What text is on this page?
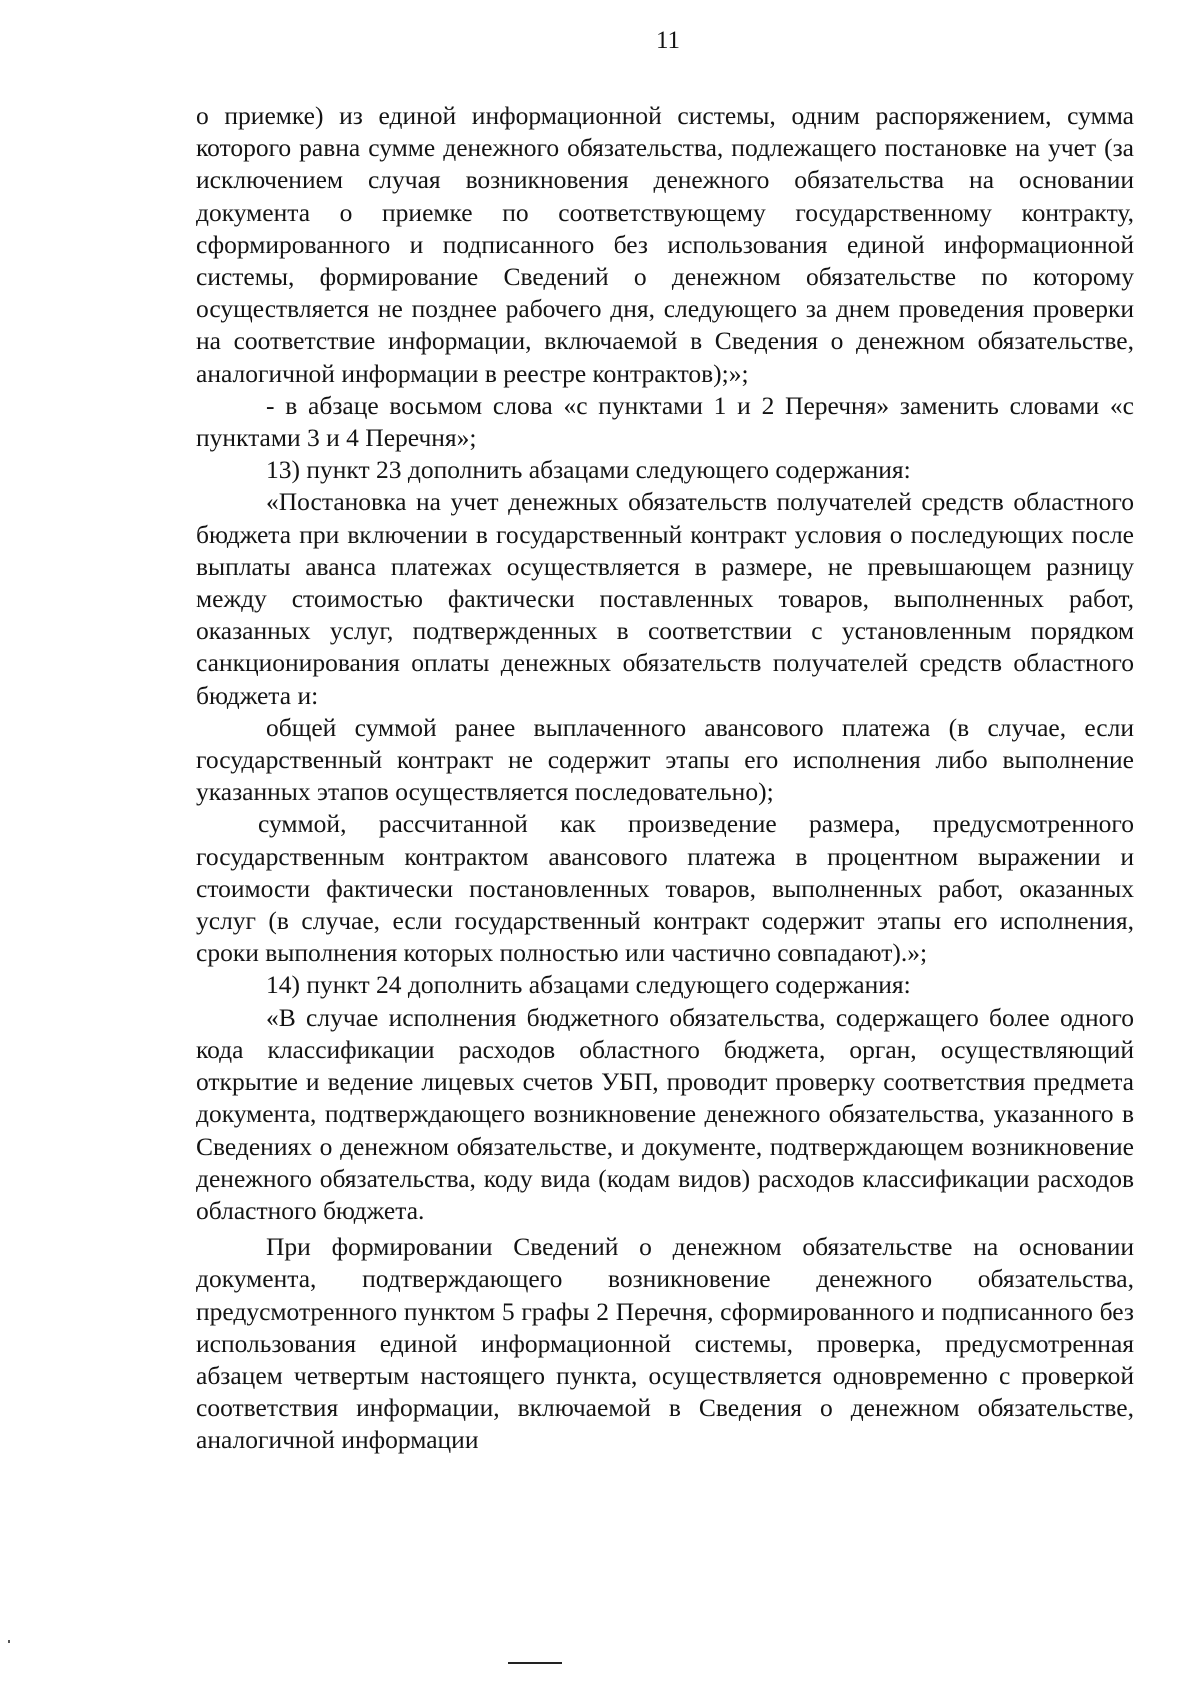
11

о приемке) из единой информационной системы, одним распоряжением, сумма которого равна сумме денежного обязательства, подлежащего постановке на учет (за исключением случая возникновения денежного обязательства на основании документа о приемке по соответствующему государственному контракту, сформированного и подписанного без использования единой информационной системы, формирование Сведений о денежном обязательстве по которому осуществляется не позднее рабочего дня, следующего за днем проведения проверки на соответствие информации, включаемой в Сведения о денежном обязательстве, аналогичной информации в реестре контрактов);»;

- в абзаце восьмом слова «с пунктами 1 и 2 Перечня» заменить словами «с пунктами 3 и 4 Перечня»;

13) пункт 23 дополнить абзацами следующего содержания:

«Постановка на учет денежных обязательств получателей средств областного бюджета при включении в государственный контракт условия о последующих после выплаты аванса платежах осуществляется в размере, не превышающем разницу между стоимостью фактически поставленных товаров, выполненных работ, оказанных услуг, подтвержденных в соответствии с установленным порядком санкционирования оплаты денежных обязательств получателей средств областного бюджета и:

общей суммой ранее выплаченного авансового платежа (в случае, если государственный контракт не содержит этапы его исполнения либо выполнение указанных этапов осуществляется последовательно);

суммой, рассчитанной как произведение размера, предусмотренного государственным контрактом авансового платежа в процентном выражении и стоимости фактически постановленных товаров, выполненных работ, оказанных услуг (в случае, если государственный контракт содержит этапы его исполнения, сроки выполнения которых полностью или частично совпадают).»;

14) пункт 24 дополнить абзацами следующего содержания:

«В случае исполнения бюджетного обязательства, содержащего более одного кода классификации расходов областного бюджета, орган, осуществляющий открытие и ведение лицевых счетов УБП, проводит проверку соответствия предмета документа, подтверждающего возникновение денежного обязательства, указанного в Сведениях о денежном обязательстве, и документе, подтверждающем возникновение денежного обязательства, коду вида (кодам видов) расходов классификации расходов областного бюджета.

При формировании Сведений о денежном обязательстве на основании документа, подтверждающего возникновение денежного обязательства, предусмотренного пунктом 5 графы 2 Перечня, сформированного и подписанного без использования единой информационной системы, проверка, предусмотренная абзацем четвертым настоящего пункта, осуществляется одновременно с проверкой соответствия информации, включаемой в Сведения о денежном обязательстве, аналогичной информации
